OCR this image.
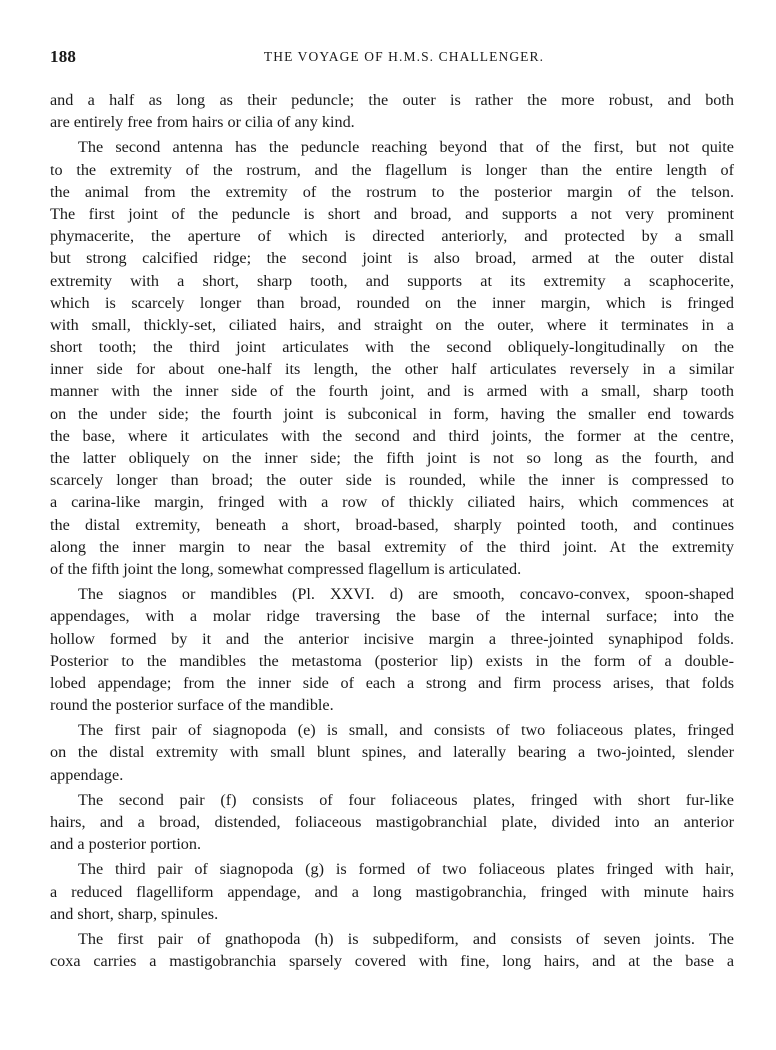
188	THE VOYAGE OF H.M.S. CHALLENGER.
and a half as long as their peduncle; the outer is rather the more robust, and both
are entirely free from hairs or cilia of any kind.
The second antenna has the peduncle reaching beyond that of the first, but not quite
to the extremity of the rostrum, and the flagellum is longer than the entire length of
the animal from the extremity of the rostrum to the posterior margin of the telson.
The first joint of the peduncle is short and broad, and supports a not very prominent
phymacerite, the aperture of which is directed anteriorly, and protected by a small
but strong calcified ridge; the second joint is also broad, armed at the outer distal
extremity with a short, sharp tooth, and supports at its extremity a scaphocerite,
which is scarcely longer than broad, rounded on the inner margin, which is fringed
with small, thickly-set, ciliated hairs, and straight on the outer, where it terminates in a
short tooth; the third joint articulates with the second obliquely-longitudinally on the
inner side for about one-half its length, the other half articulates reversely in a similar
manner with the inner side of the fourth joint, and is armed with a small, sharp tooth
on the under side; the fourth joint is subconical in form, having the smaller end towards
the base, where it articulates with the second and third joints, the former at the centre,
the latter obliquely on the inner side; the fifth joint is not so long as the fourth, and
scarcely longer than broad; the outer side is rounded, while the inner is compressed to
a carina-like margin, fringed with a row of thickly ciliated hairs, which commences at
the distal extremity, beneath a short, broad-based, sharply pointed tooth, and continues
along the inner margin to near the basal extremity of the third joint. At the extremity
of the fifth joint the long, somewhat compressed flagellum is articulated.
The siagnos or mandibles (Pl. XXVI. d) are smooth, concavo-convex, spoon-shaped
appendages, with a molar ridge traversing the base of the internal surface; into the
hollow formed by it and the anterior incisive margin a three-jointed synaphipod folds.
Posterior to the mandibles the metastoma (posterior lip) exists in the form of a double-
lobed appendage; from the inner side of each a strong and firm process arises, that folds
round the posterior surface of the mandible.
The first pair of siagnopoda (e) is small, and consists of two foliaceous plates, fringed
on the distal extremity with small blunt spines, and laterally bearing a two-jointed, slender
appendage.
The second pair (f) consists of four foliaceous plates, fringed with short fur-like
hairs, and a broad, distended, foliaceous mastigobranchial plate, divided into an anterior
and a posterior portion.
The third pair of siagnopoda (g) is formed of two foliaceous plates fringed with hair,
a reduced flagelliform appendage, and a long mastigobranchia, fringed with minute hairs
and short, sharp, spinules.
The first pair of gnathopoda (h) is subpediform, and consists of seven joints. The
coxa carries a mastigobranchia sparsely covered with fine, long hairs, and at the base a
